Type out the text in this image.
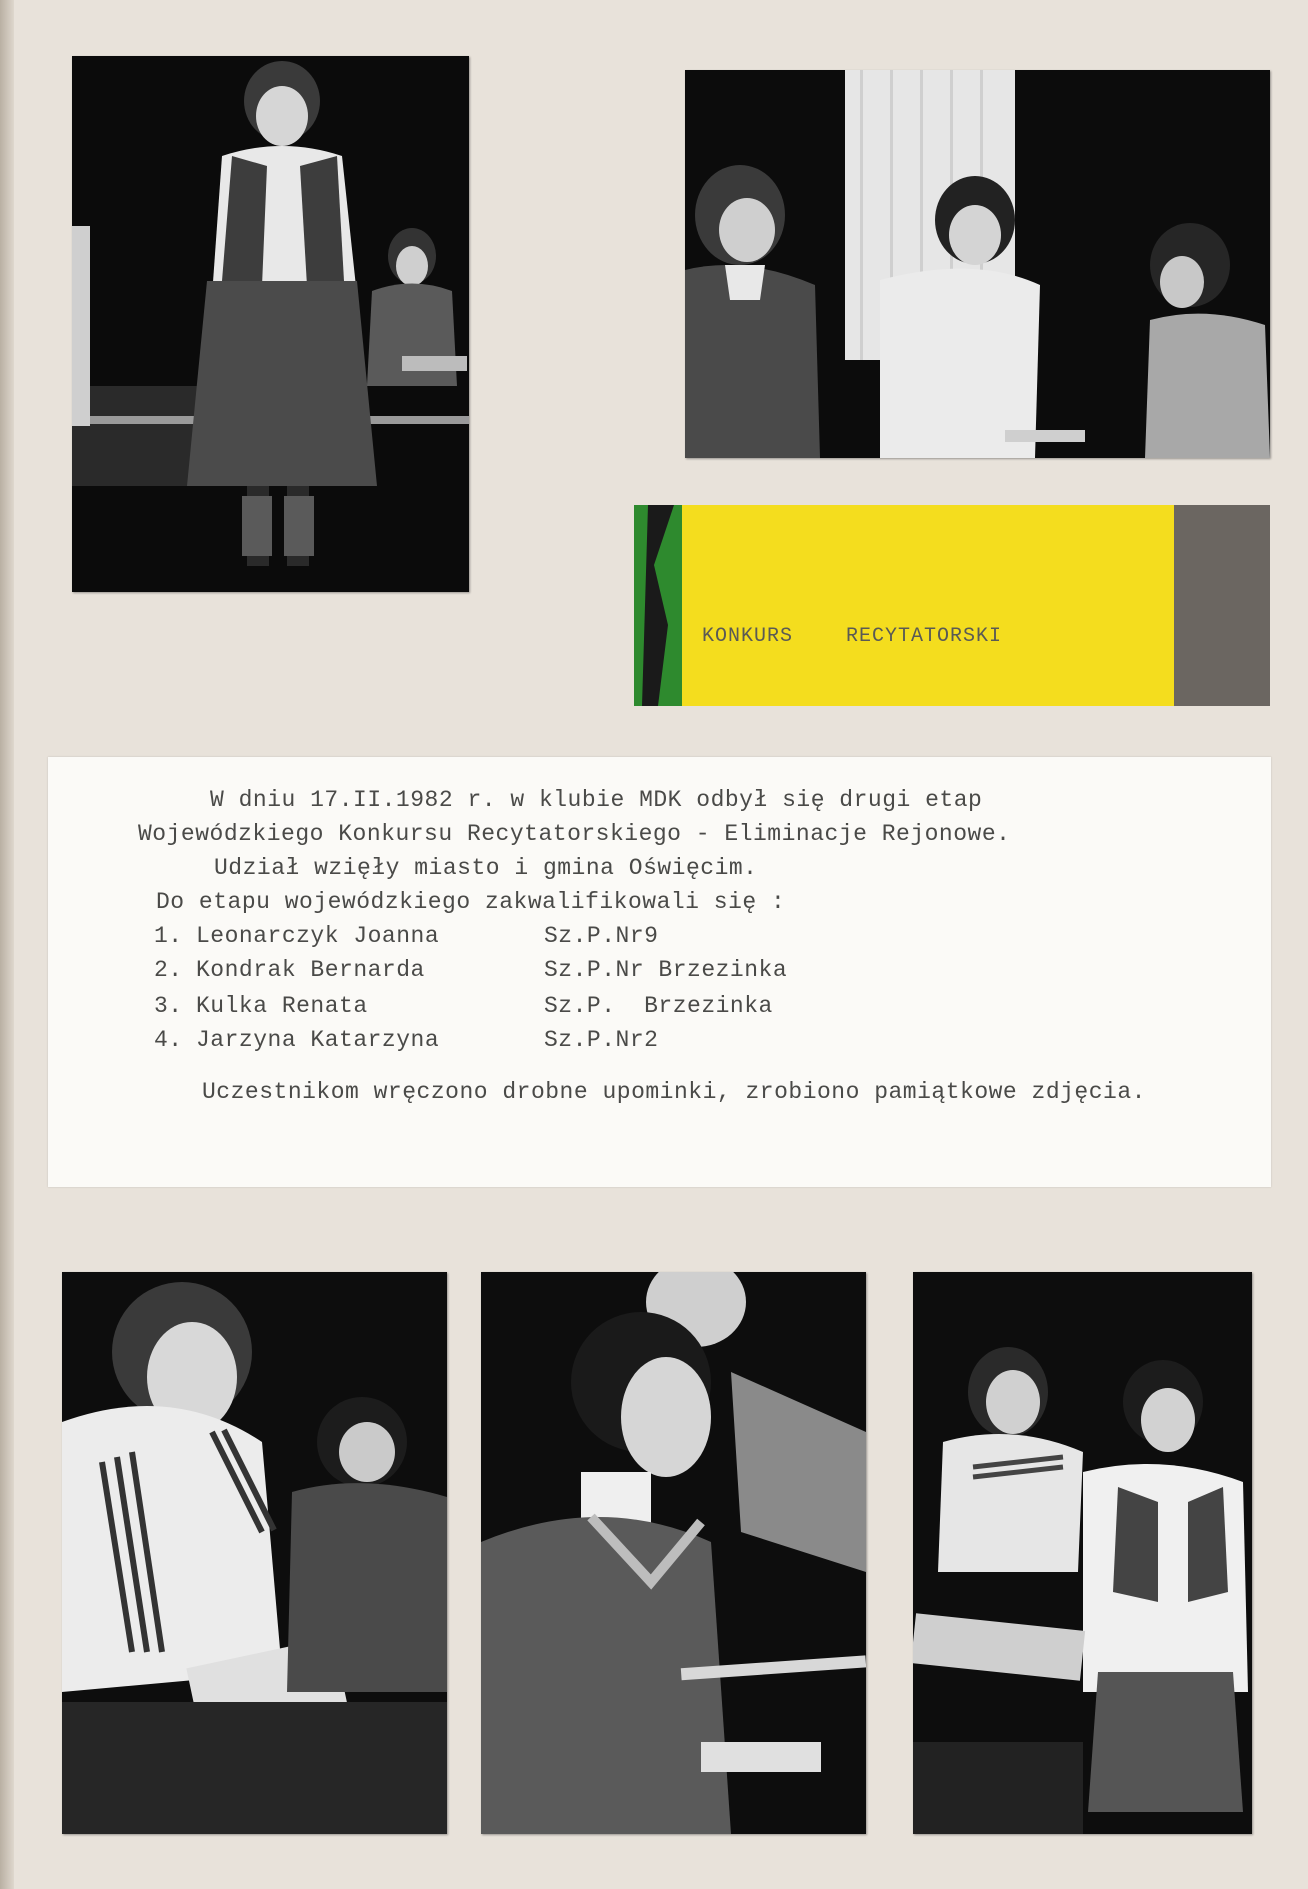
KONKURS RECYTATORSKI
W dniu 17.II.1982 r. w klubie MDK odbył się drugi etap
Wojewódzkiego Konkursu Recytatorskiego - Eliminacje Rejonowe.
Udział wzięły miasto i gmina Oświęcim.
Do etapu wojewódzkiego zakwalifikowali się :
1. Leonarczyk Joanna	Sz.P.Nr9
2. Kondrak Bernarda	Sz.P.Nr Brzezinka
3. Kulka Renata	Sz.P.  Brzezinka
4. Jarzyna Katarzyna	Sz.P.Nr2
Uczestnikom wręczono drobne upominki, zrobiono pamiątkowe zdjęcia.
